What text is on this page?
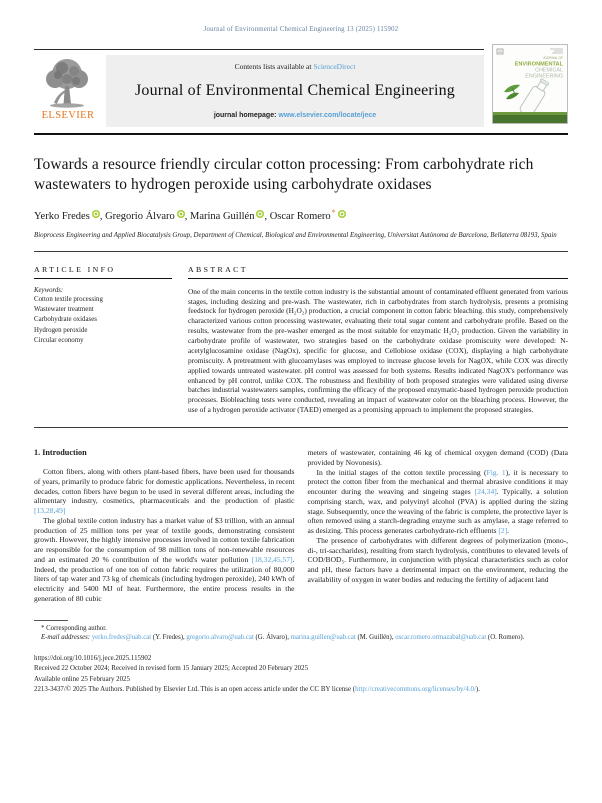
Journal of Environmental Chemical Engineering 13 (2025) 115902
ELSEVIER
Contents lists available at ScienceDirect
Journal of Environmental Chemical Engineering
journal homepage: www.elsevier.com/locate/jece
JOURNAL OF
ENVIRONMENTAL
CHEMICAL
ENGINEERING
Towards a resource friendly circular cotton processing: From carbohydrate rich wastewaters to hydrogen peroxide using carbohydrate oxidases
Yerko Fredes , Gregorio Álvaro , Marina Guillén , Oscar Romero*
Bioprocess Engineering and Applied Biocatalysis Group, Department of Chemical, Biological and Environmental Engineering, Universitat Autònoma de Barcelona, Bellaterra 08193, Spain
ARTICLE INFO
Keywords:
Cotton textile processing
Wastewater treatment
Carbohydrate oxidases
Hydrogen peroxide
Circular economy
ABSTRACT
One of the main concerns in the textile cotton industry is the substantial amount of contaminated effluent generated from various stages, including desizing and pre-wash. The wastewater, rich in carbohydrates from starch hydrolysis, presents a promising feedstock for hydrogen peroxide (H₂O₂) production, a crucial component in cotton fabric bleaching. this study, comprehensively characterized various cotton processing wastewater, evaluating their total sugar content and carbohydrate profile. Based on the results, wastewater from the pre-washer emerged as the most suitable for enzymatic H₂O₂ production. Given the variability in carbohydrate profile of wastewater, two strategies based on the carbohydrate oxidase promiscuity were developed: N-acetylglucosamine oxidase (NagOx), specific for glucose, and Cellobiose oxidase (COX), displaying a high carbohydrate promiscuity. A pretreatment with glucoamylases was employed to increase glucose levels for NagOX, while COX was directly applied towards untreated wastewater. pH control was assessed for both systems. Results indicated NagOX's performance was enhanced by pH control, unlike COX. The robustness and flexibility of both proposed strategies were validated using diverse batches industrial wastewaters samples, confirming the efficacy of the proposed enzymatic-based hydrogen peroxide production processes. Biobleaching tests were conducted, revealing an impact of wastewater color on the bleaching process. However, the use of a hydrogen peroxide activator (TAED) emerged as a promising approach to implement the proposed strategies.
1. Introduction

Cotton fibers, along with others plant-based fibers, have been used for thousands of years, primarily to produce fabric for domestic applications. Nevertheless, in recent decades, cotton fibers have begun to be used in several different areas, including the alimentary industry, cosmetics, pharmaceuticals and the production of plastic [13,28,49]

The global textile cotton industry has a market value of $3 trillion, with an annual production of 25 million tons per year of textile goods, demonstrating consistent growth. However, the highly intensive processes involved in cotton textile fabrication are responsible for the consumption of 98 million tons of non-renewable resources and an estimated 20 % contribution of the world's water pollution [18,32,45,57]. Indeed, the production of one ton of cotton fabric requires the utilization of 80,000 liters of tap water and 73 kg of chemicals (including hydrogen peroxide), 240 kWh of electricity and 5400 MJ of heat. Furthermore, the entire process results in the generation of 80 cubic

meters of wastewater, containing 46 kg of chemical oxygen demand (COD) (Data provided by Novonesis).

In the initial stages of the cotton textile processing (Fig. 1), it is necessary to protect the cotton fiber from the mechanical and thermal abrasive conditions it may encounter during the weaving and singeing stages [24,34]. Typically, a solution comprising starch, wax, and polyvinyl alcohol (PVA) is applied during the sizing stage. Subsequently, once the weaving of the fabric is complete, the protective layer is often removed using a starch-degrading enzyme such as amylase, a stage referred to as desizing. This process generates carbohydrate-rich effluents [2].

The presence of carbohydrates with different degrees of polymerization (mono-, di-, tri-saccharides), resulting from starch hydrolysis, contributes to elevated levels of COD/BOD₅. Furthermore, in conjunction with physical characteristics such as color and pH, these factors have a detrimental impact on the environment, reducing the availability of oxygen in water bodies and reducing the fertility of adjacent land

* Corresponding author.
E-mail addresses: yerko.fredes@uab.cat (Y. Fredes), gregorio.alvaro@uab.cat (G. Álvaro), marina.guillen@uab.cat (M. Guillén), oscar.romero.ormazabal@uab.cat (O. Romero).
https://doi.org/10.1016/j.jece.2025.115902
Received 22 October 2024; Received in revised form 15 January 2025; Accepted 20 February 2025
Available online 25 February 2025
2213-3437/© 2025 The Authors. Published by Elsevier Ltd. This is an open access article under the CC BY license (http://creativecommons.org/licenses/by/4.0/).
